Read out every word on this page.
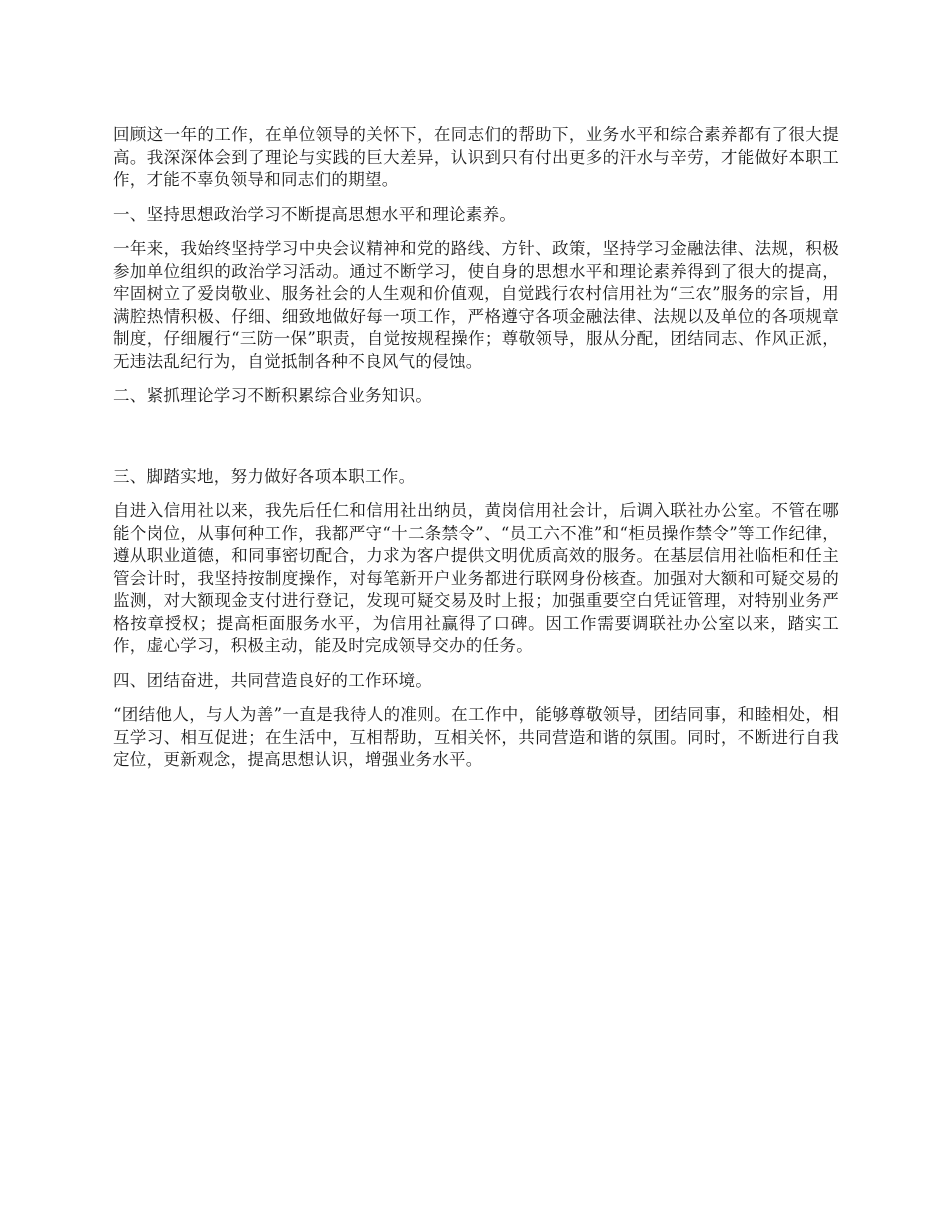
回顾这一年的工作，在单位领导的关怀下，在同志们的帮助下，业务水平和综合素养都有了很大提高。我深深体会到了理论与实践的巨大差异，认识到只有付出更多的汗水与辛劳，才能做好本职工作，才能不辜负领导和同志们的期望。

一、坚持思想政治学习不断提高思想水平和理论素养。

一年来，我始终坚持学习中央会议精神和党的路线、方针、政策，坚持学习金融法律、法规，积极参加单位组织的政治学习活动。通过不断学习，使自身的思想水平和理论素养得到了很大的提高，牢固树立了爱岗敬业、服务社会的人生观和价值观，自觉践行农村信用社为“三农”服务的宗旨，用满腔热情积极、仔细、细致地做好每一项工作，严格遵守各项金融法律、法规以及单位的各项规章制度，仔细履行“三防一保”职责，自觉按规程操作；尊敬领导，服从分配，团结同志、作风正派，无违法乱纪行为，自觉抵制各种不良风气的侵蚀。

二、紧抓理论学习不断积累综合业务知识。

三、脚踏实地，努力做好各项本职工作。

自进入信用社以来，我先后任仁和信用社出纳员，黄岗信用社会计，后调入联社办公室。不管在哪能个岗位，从事何种工作，我都严守“十二条禁令”、“员工六不准”和“柜员操作禁令”等工作纪律，遵从职业道德，和同事密切配合，力求为客户提供文明优质高效的服务。在基层信用社临柜和任主管会计时，我坚持按制度操作，对每笔新开户业务都进行联网身份核查。加强对大额和可疑交易的监测，对大额现金支付进行登记，发现可疑交易及时上报；加强重要空白凭证管理，对特别业务严格按章授权；提高柜面服务水平，为信用社赢得了口碑。因工作需要调联社办公室以来，踏实工作，虚心学习，积极主动，能及时完成领导交办的任务。

四、团结奋进，共同营造良好的工作环境。

“团结他人，与人为善”一直是我待人的准则。在工作中，能够尊敬领导，团结同事，和睦相处，相互学习、相互促进；在生活中，互相帮助，互相关怀，共同营造和谐的氛围。同时，不断进行自我定位，更新观念，提高思想认识，增强业务水平。
